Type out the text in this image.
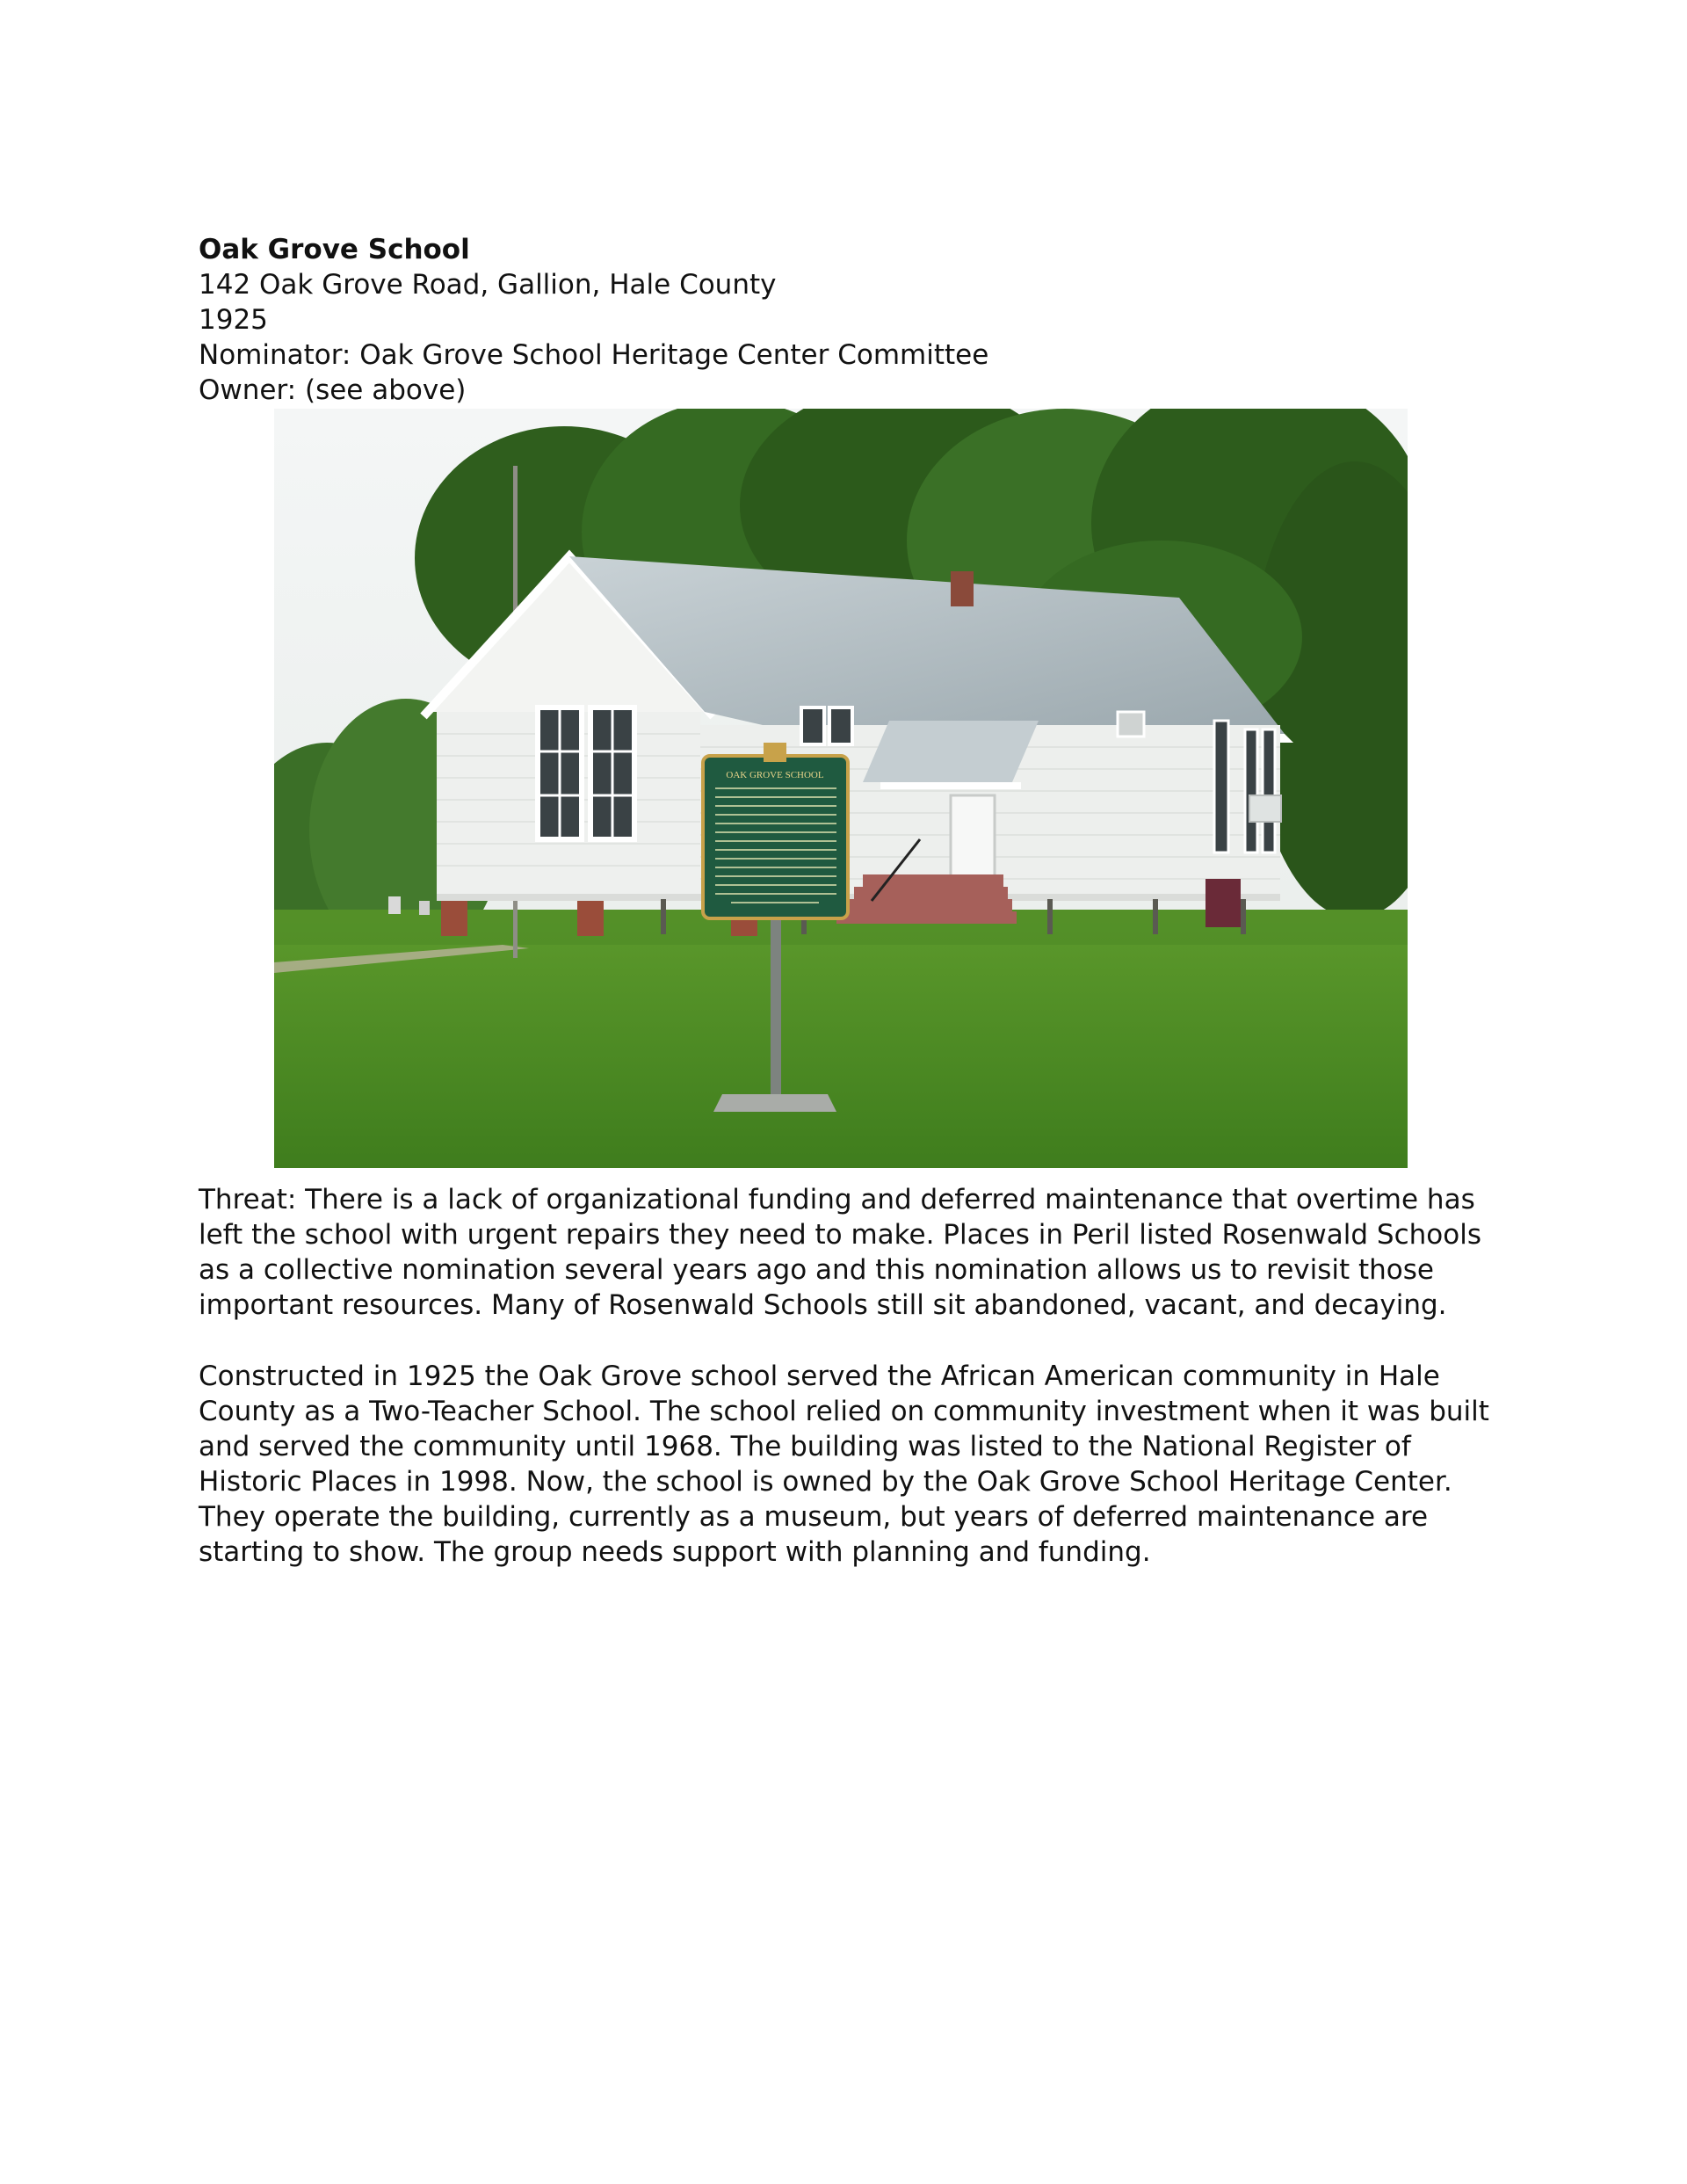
Oak Grove School
142 Oak Grove Road, Gallion, Hale County
1925
Nominator: Oak Grove School Heritage Center Committee
Owner: (see above)
OAK GROVE SCHOOL

Threat: There is a lack of organizational funding and deferred maintenance that overtime has left the school with urgent repairs they need to make. Places in Peril listed Rosenwald Schools as a collective nomination several years ago and this nomination allows us to revisit those important resources. Many of Rosenwald Schools still sit abandoned, vacant, and decaying.

Constructed in 1925 the Oak Grove school served the African American community in Hale County as a Two-Teacher School. The school relied on community investment when it was built and served the community until 1968. The building was listed to the National Register of Historic Places in 1998. Now, the school is owned by the Oak Grove School Heritage Center. They operate the building, currently as a museum, but years of deferred maintenance are starting to show. The group needs support with planning and funding.
